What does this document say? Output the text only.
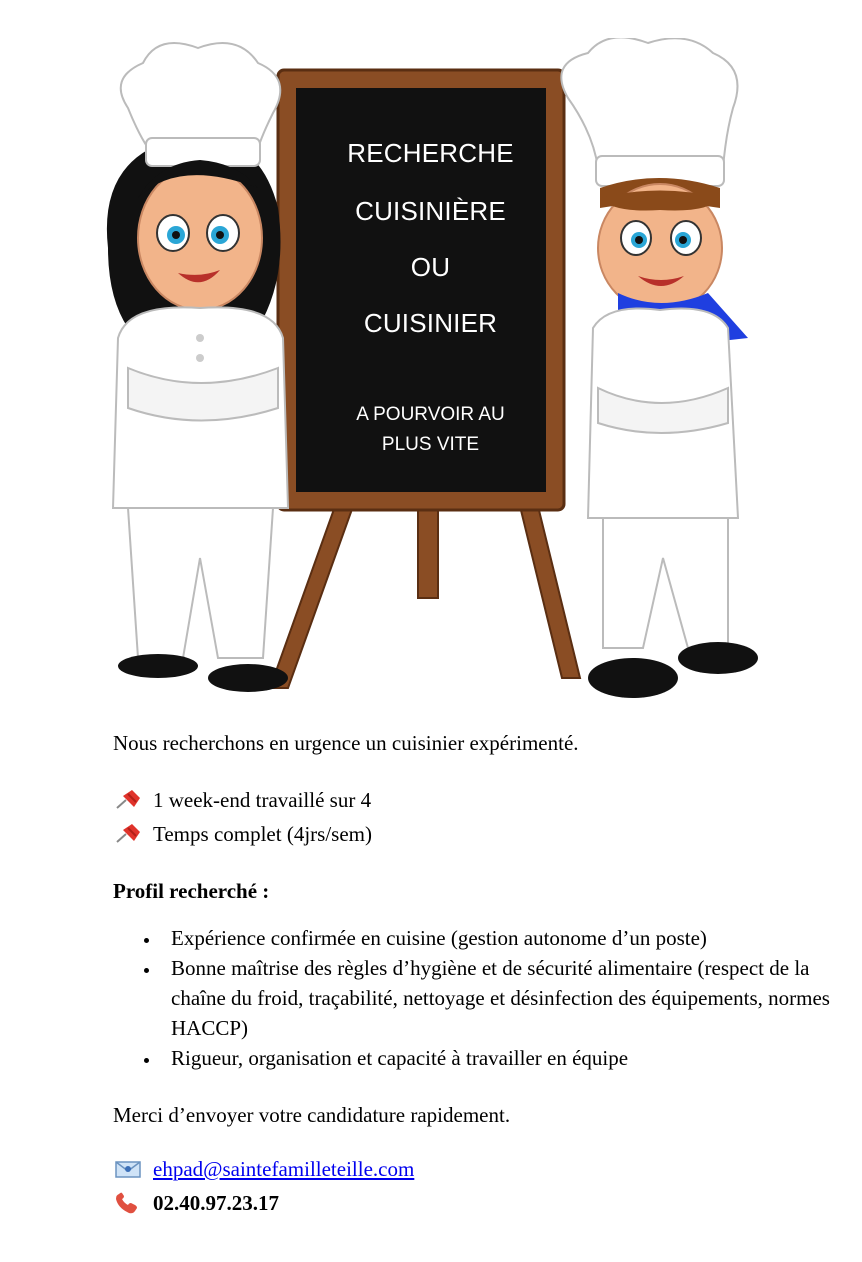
RECHERCHE
CUISINIÈRE
OU
CUISINIER
A POURVOIR AU
PLUS VITE
Nous recherchons en urgence un cuisinier expérimenté.
1 week-end travaillé sur 4
Temps complet (4jrs/sem)
Profil recherché :
Expérience confirmée en cuisine (gestion autonome d’un poste)
Bonne maîtrise des règles d’hygiène et de sécurité alimentaire (respect de la chaîne du froid, traçabilité, nettoyage et désinfection des équipements, normes HACCP)
Rigueur, organisation et capacité à travailler en équipe
Merci d’envoyer votre candidature rapidement.
ehpad@saintefamilleteille.com
02.40.97.23.17
